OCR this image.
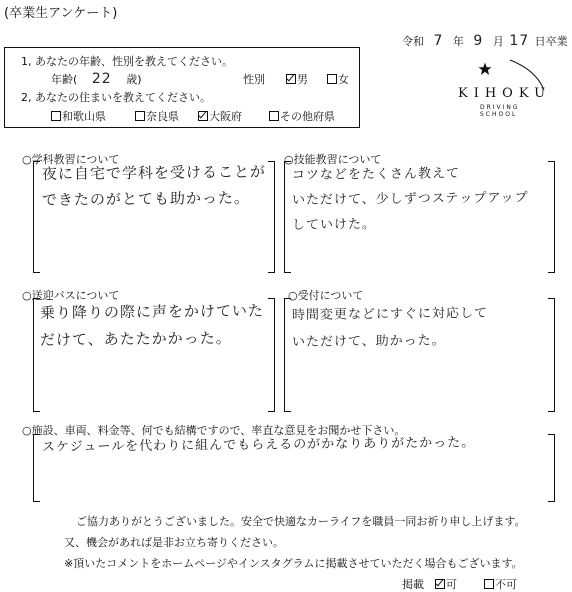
(卒業生アンケート)
令和 7 年 9 月 17 日卒業
1, あなたの年齢、性別を教えてください。
年齢( 22 歳)	性別	男	女
2, あなたの住まいを教えてください。
和歌山県	奈良県	大阪府	その他府県
KIHOKU
DRIVING SCHOOL
○学科教習について
夜に自宅で学科を受けることが
できたのがとても助かった。
○技能教習について
コツなどをたくさん教えて
いただけて、少しずつステップアップ
していけた。
○送迎バスについて
乗り降りの際に声をかけていた
だけて、あたたかかった。
○受付について
時間変更などにすぐに対応して
いただけて、助かった。
○施設、車両、料金等、何でも結構ですので、率直な意見をお聞かせ下さい。
スケジュールを代わりに組んでもらえるのがかなりありがたかった。
ご協力ありがとうございました。安全で快適なカーライフを職員一同お祈り申し上げます。
又、機会があれば是非お立ち寄りください。
※頂いたコメントをホームページやインスタグラムに掲載させていただく場合もございます。
掲載 可	不可
